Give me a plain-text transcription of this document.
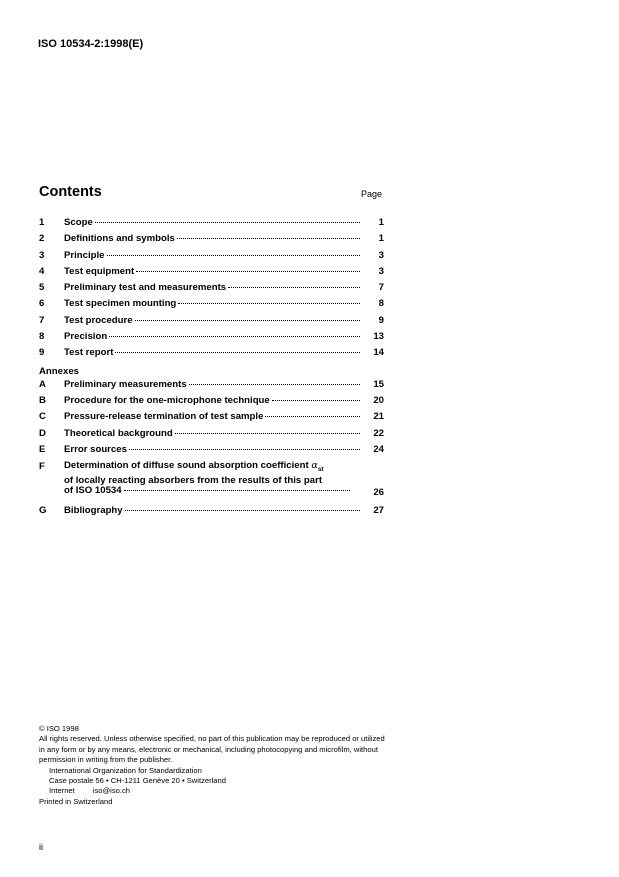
ISO 10534-2:1998(E)
Contents	Page
1	Scope	1
2	Definitions and symbols	1
3	Principle	3
4	Test equipment	3
5	Preliminary test and measurements	7
6	Test specimen mounting	8
7	Test procedure	9
8	Precision	13
9	Test report	14
Annexes
A	Preliminary measurements	15
B	Procedure for the one-microphone technique	20
C	Pressure-release termination of test sample	21
D	Theoretical background	22
E	Error sources	24
F	Determination of diffuse sound absorption coefficient $\alpha_{st}$
of locally reacting absorbers from the results of this part
of ISO 10534	26
G	Bibliography	27
© ISO 1998
All rights reserved. Unless otherwise specified, no part of this publication may be reproduced or utilized in any form or by any means, electronic or mechanical, including photocopying and microfilm, without permission in writing from the publisher.
International Organization for Standardization
Case postale 56 • CH-1211 Genève 20 • Switzerland
Internet iso@iso.ch
Printed in Switzerland
ii
